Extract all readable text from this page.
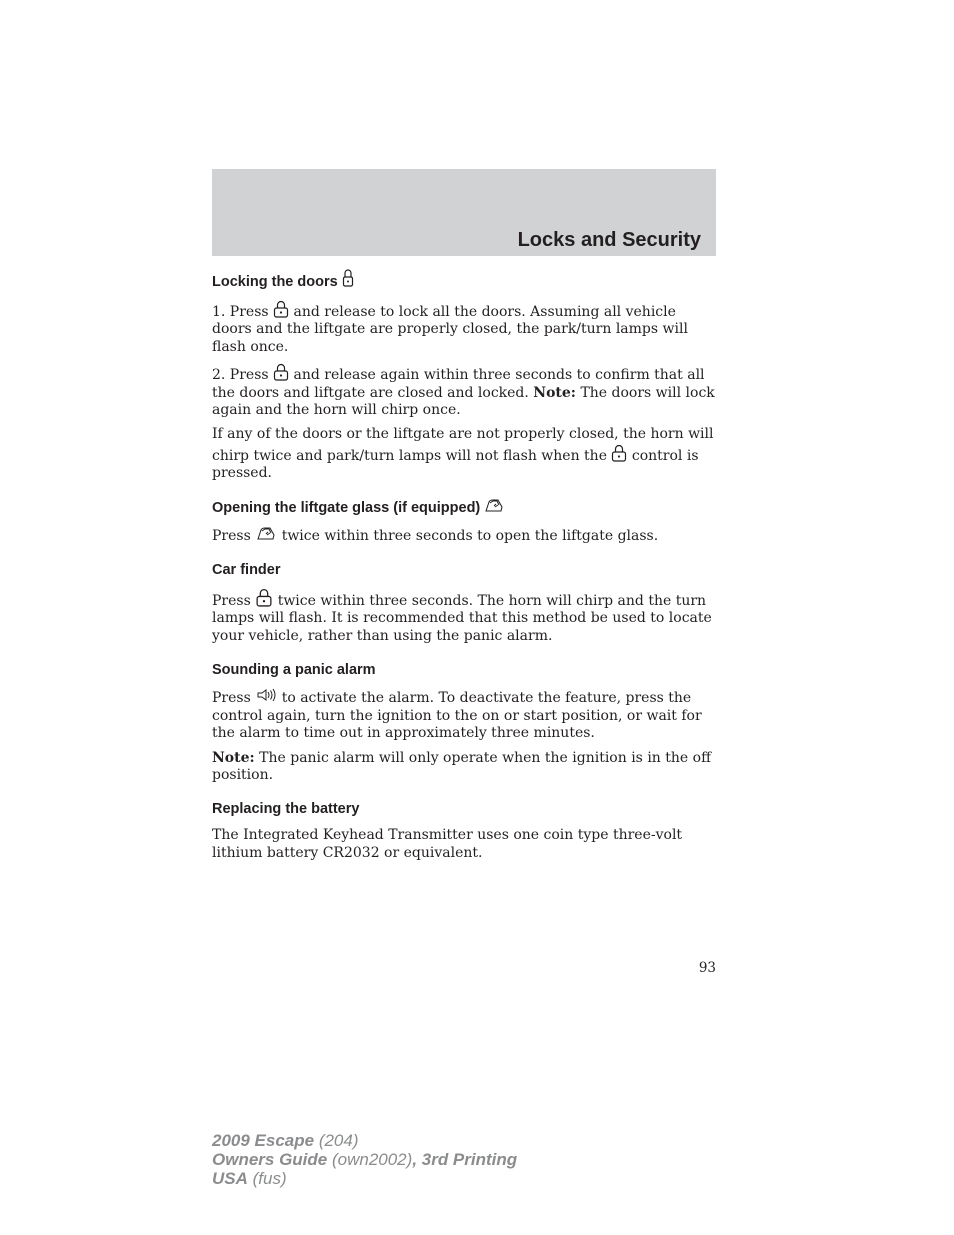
Locks and Security
Locking the doors

1. Press and release to lock all the doors. Assuming all vehicle doors and the liftgate are properly closed, the park/turn lamps will flash once.

2. Press and release again within three seconds to confirm that all the doors and liftgate are closed and locked. Note: The doors will lock again and the horn will chirp once.

If any of the doors or the liftgate are not properly closed, the horn will chirp twice and park/turn lamps will not flash when the control is pressed.

Opening the liftgate glass (if equipped)

Press twice within three seconds to open the liftgate glass.

Car finder

Press twice within three seconds. The horn will chirp and the turn lamps will flash. It is recommended that this method be used to locate your vehicle, rather than using the panic alarm.

Sounding a panic alarm

Press to activate the alarm. To deactivate the feature, press the control again, turn the ignition to the on or start position, or wait for the alarm to time out in approximately three minutes.

Note: The panic alarm will only operate when the ignition is in the off position.

Replacing the battery

The Integrated Keyhead Transmitter uses one coin type three-volt lithium battery CR2032 or equivalent.

93
2009 Escape (204)
Owners Guide (own2002), 3rd Printing
USA (fus)
